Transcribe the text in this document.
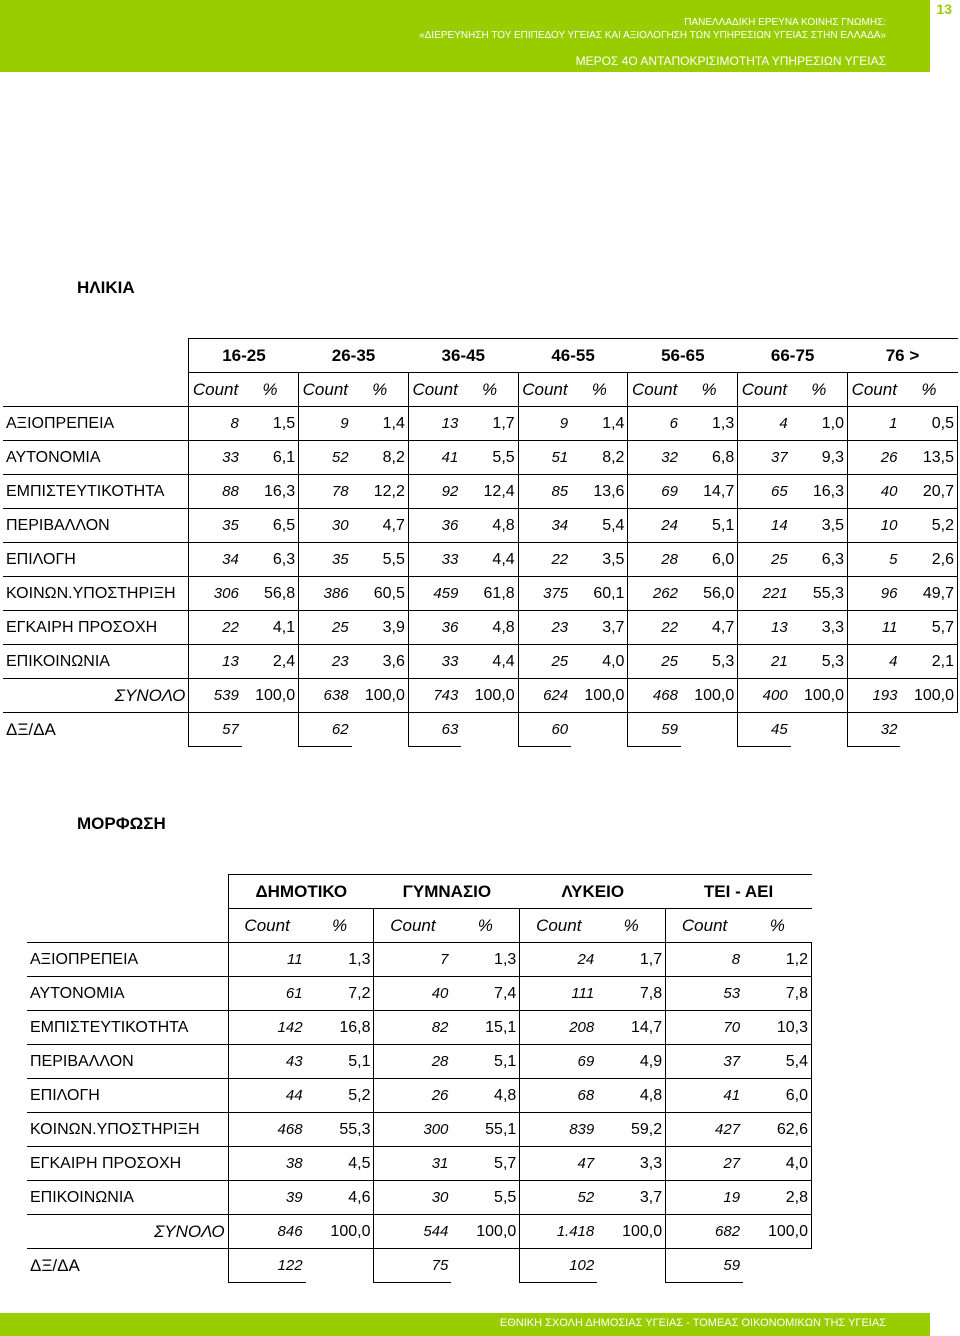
ΠΑΝΕΛΛΑΔΙΚΗ ΕΡΕΥΝΑ ΚΟΙΝΗΣ ΓΝΩΜΗΣ:
«ΔΙΕΡΕΥΝΗΣΗ ΤΟΥ ΕΠΙΠΕΔΟΥ ΥΓΕΙΑΣ ΚΑΙ ΑΞΙΟΛΟΓΗΣΗ ΤΩΝ ΥΠΗΡΕΣΙΩΝ ΥΓΕΙΑΣ ΣΤΗΝ ΕΛΛΑΔΑ»
ΜΕΡΟΣ 4Ο ΑΝΤΑΠΟΚΡΙΣΙΜΟΤΗΤΑ ΥΠΗΡΕΣΙΩΝ ΥΓΕΙΑΣ
13
ΗΛΙΚΙΑ
	16-25		26-35		36-45		46-55		56-65		66-75		76 >	
	Count	%	Count	%	Count	%	Count	%	Count	%	Count	%	Count	%
ΑΞΙΟΠΡΕΠΕΙΑ	8	1,5	9	1,4	13	1,7	9	1,4	6	1,3	4	1,0	1	0,5
ΑΥΤΟΝΟΜΙΑ	33	6,1	52	8,2	41	5,5	51	8,2	32	6,8	37	9,3	26	13,5
ΕΜΠΙΣΤΕΥΤΙΚΟΤΗΤΑ	88	16,3	78	12,2	92	12,4	85	13,6	69	14,7	65	16,3	40	20,7
ΠΕΡΙΒΑΛΛΟΝ	35	6,5	30	4,7	36	4,8	34	5,4	24	5,1	14	3,5	10	5,2
ΕΠΙΛΟΓΗ	34	6,3	35	5,5	33	4,4	22	3,5	28	6,0	25	6,3	5	2,6
ΚΟΙΝΩΝ.ΥΠΟΣΤΗΡΙΞΗ	306	56,8	386	60,5	459	61,8	375	60,1	262	56,0	221	55,3	96	49,7
ΕΓΚΑΙΡΗ ΠΡΟΣΟΧΗ	22	4,1	25	3,9	36	4,8	23	3,7	22	4,7	13	3,3	11	5,7
ΕΠΙΚΟΙΝΩΝΙΑ	13	2,4	23	3,6	33	4,4	25	4,0	25	5,3	21	5,3	4	2,1
ΣΥΝΟΛΟ	539	100,0	638	100,0	743	100,0	624	100,0	468	100,0	400	100,0	193	100,0
ΔΞ/ΔΑ	57		62		63		60		59		45		32	
ΜΟΡΦΩΣΗ
	ΔΗΜΟΤΙΚΟ		ΓΥΜΝΑΣΙΟ		ΛΥΚΕΙΟ		ΤΕΙ - ΑΕΙ	
	Count	%	Count	%	Count	%	Count	%
ΑΞΙΟΠΡΕΠΕΙΑ	11	1,3	7	1,3	24	1,7	8	1,2
ΑΥΤΟΝΟΜΙΑ	61	7,2	40	7,4	111	7,8	53	7,8
ΕΜΠΙΣΤΕΥΤΙΚΟΤΗΤΑ	142	16,8	82	15,1	208	14,7	70	10,3
ΠΕΡΙΒΑΛΛΟΝ	43	5,1	28	5,1	69	4,9	37	5,4
ΕΠΙΛΟΓΗ	44	5,2	26	4,8	68	4,8	41	6,0
ΚΟΙΝΩΝ.ΥΠΟΣΤΗΡΙΞΗ	468	55,3	300	55,1	839	59,2	427	62,6
ΕΓΚΑΙΡΗ ΠΡΟΣΟΧΗ	38	4,5	31	5,7	47	3,3	27	4,0
ΕΠΙΚΟΙΝΩΝΙΑ	39	4,6	30	5,5	52	3,7	19	2,8
ΣΥΝΟΛΟ	846	100,0	544	100,0	1.418	100,0	682	100,0
ΔΞ/ΔΑ	122		75		102		59	
ΕΘΝΙΚΗ ΣΧΟΛΗ ΔΗΜΟΣΙΑΣ ΥΓΕΙΑΣ - ΤΟΜΕΑΣ ΟΙΚΟΝΟΜΙΚΩΝ ΤΗΣ ΥΓΕΙΑΣ
